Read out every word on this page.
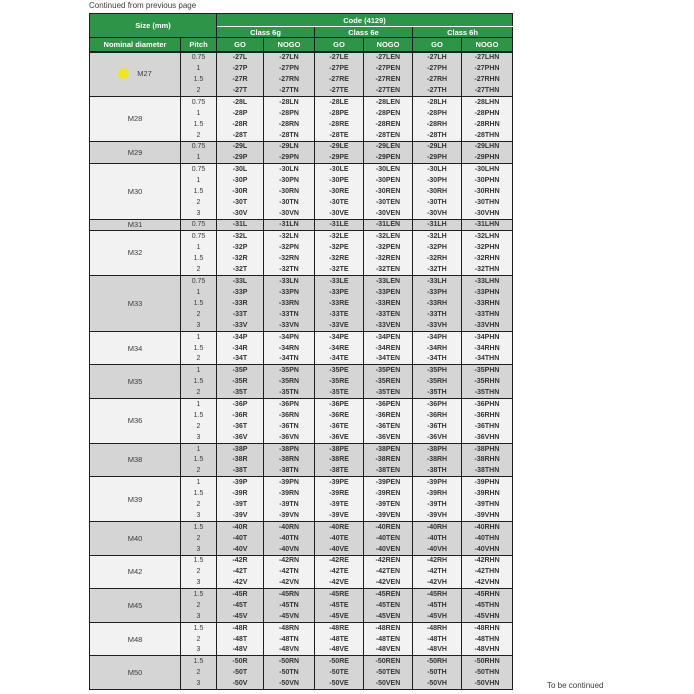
Continued from previous page
Size (mm)		Code (4129)					
		Class 6g		Class 6e		Class 6h	
Nominal diameter	Pitch	GO	NOGO	GO	NOGO	GO	NOGO
M27	0.75	-27L	-27LN	-27LE	-27LEN	-27LH	-27LHN
	1	-27P	-27PN	-27PE	-27PEN	-27PH	-27PHN
	1.5	-27R	-27RN	-27RE	-27REN	-27RH	-27RHN
	2	-27T	-27TN	-27TE	-27TEN	-27TH	-27THN
M28	0.75	-28L	-28LN	-28LE	-28LEN	-28LH	-28LHN
	1	-28P	-28PN	-28PE	-28PEN	-28PH	-28PHN
	1.5	-28R	-28RN	-28RE	-28REN	-28RH	-28RHN
	2	-28T	-28TN	-28TE	-28TEN	-28TH	-28THN
M29	0.75	-29L	-29LN	-29LE	-29LEN	-29LH	-29LHN
	1	-29P	-29PN	-29PE	-29PEN	-29PH	-29PHN
M30	0.75	-30L	-30LN	-30LE	-30LEN	-30LH	-30LHN
	1	-30P	-30PN	-30PE	-30PEN	-30PH	-30PHN
	1.5	-30R	-30RN	-30RE	-30REN	-30RH	-30RHN
	2	-30T	-30TN	-30TE	-30TEN	-30TH	-30THN
	3	-30V	-30VN	-30VE	-30VEN	-30VH	-30VHN
M31	0.75	-31L	-31LN	-31LE	-31LEN	-31LH	-31LHN
M32	0.75	-32L	-32LN	-32LE	-32LEN	-32LH	-32LHN
	1	-32P	-32PN	-32PE	-32PEN	-32PH	-32PHN
	1.5	-32R	-32RN	-32RE	-32REN	-32RH	-32RHN
	2	-32T	-32TN	-32TE	-32TEN	-32TH	-32THN
M33	0.75	-33L	-33LN	-33LE	-33LEN	-33LH	-33LHN
	1	-33P	-33PN	-33PE	-33PEN	-33PH	-33PHN
	1.5	-33R	-33RN	-33RE	-33REN	-33RH	-33RHN
	2	-33T	-33TN	-33TE	-33TEN	-33TH	-33THN
	3	-33V	-33VN	-33VE	-33VEN	-33VH	-33VHN
M34	1	-34P	-34PN	-34PE	-34PEN	-34PH	-34PHN
	1.5	-34R	-34RN	-34RE	-34REN	-34RH	-34RHN
	2	-34T	-34TN	-34TE	-34TEN	-34TH	-34THN
M35	1	-35P	-35PN	-35PE	-35PEN	-35PH	-35PHN
	1.5	-35R	-35RN	-35RE	-35REN	-35RH	-35RHN
	2	-35T	-35TN	-35TE	-35TEN	-35TH	-35THN
M36	1	-36P	-36PN	-36PE	-36PEN	-36PH	-36PHN
	1.5	-36R	-36RN	-36RE	-36REN	-36RH	-36RHN
	2	-36T	-36TN	-36TE	-36TEN	-36TH	-36THN
	3	-36V	-36VN	-36VE	-36VEN	-36VH	-36VHN
M38	1	-38P	-38PN	-38PE	-38PEN	-38PH	-38PHN
	1.5	-38R	-38RN	-38RE	-38REN	-38RH	-38RHN
	2	-38T	-38TN	-38TE	-38TEN	-38TH	-38THN
M39	1	-39P	-39PN	-39PE	-39PEN	-39PH	-39PHN
	1.5	-39R	-39RN	-39RE	-39REN	-39RH	-39RHN
	2	-39T	-39TN	-39TE	-39TEN	-39TH	-39THN
	3	-39V	-39VN	-39VE	-39VEN	-39VH	-39VHN
M40	1.5	-40R	-40RN	-40RE	-40REN	-40RH	-40RHN
	2	-40T	-40TN	-40TE	-40TEN	-40TH	-40THN
	3	-40V	-40VN	-40VE	-40VEN	-40VH	-40VHN
M42	1.5	-42R	-42RN	-42RE	-42REN	-42RH	-42RHN
	2	-42T	-42TN	-42TE	-42TEN	-42TH	-42THN
	3	-42V	-42VN	-42VE	-42VEN	-42VH	-42VHN
M45	1.5	-45R	-45RN	-45RE	-45REN	-45RH	-45RHN
	2	-45T	-45TN	-45TE	-45TEN	-45TH	-45THN
	3	-45V	-45VN	-45VE	-45VEN	-45VH	-45VHN
M48	1.5	-48R	-48RN	-48RE	-48REN	-48RH	-48RHN
	2	-48T	-48TN	-48TE	-48TEN	-48TH	-48THN
	3	-48V	-48VN	-48VE	-48VEN	-48VH	-48VHN
M50	1.5	-50R	-50RN	-50RE	-50REN	-50RH	-50RHN
	2	-50T	-50TN	-50TE	-50TEN	-50TH	-50THN
	3	-50V	-50VN	-50VE	-50VEN	-50VH	-50VHN	To be continued
